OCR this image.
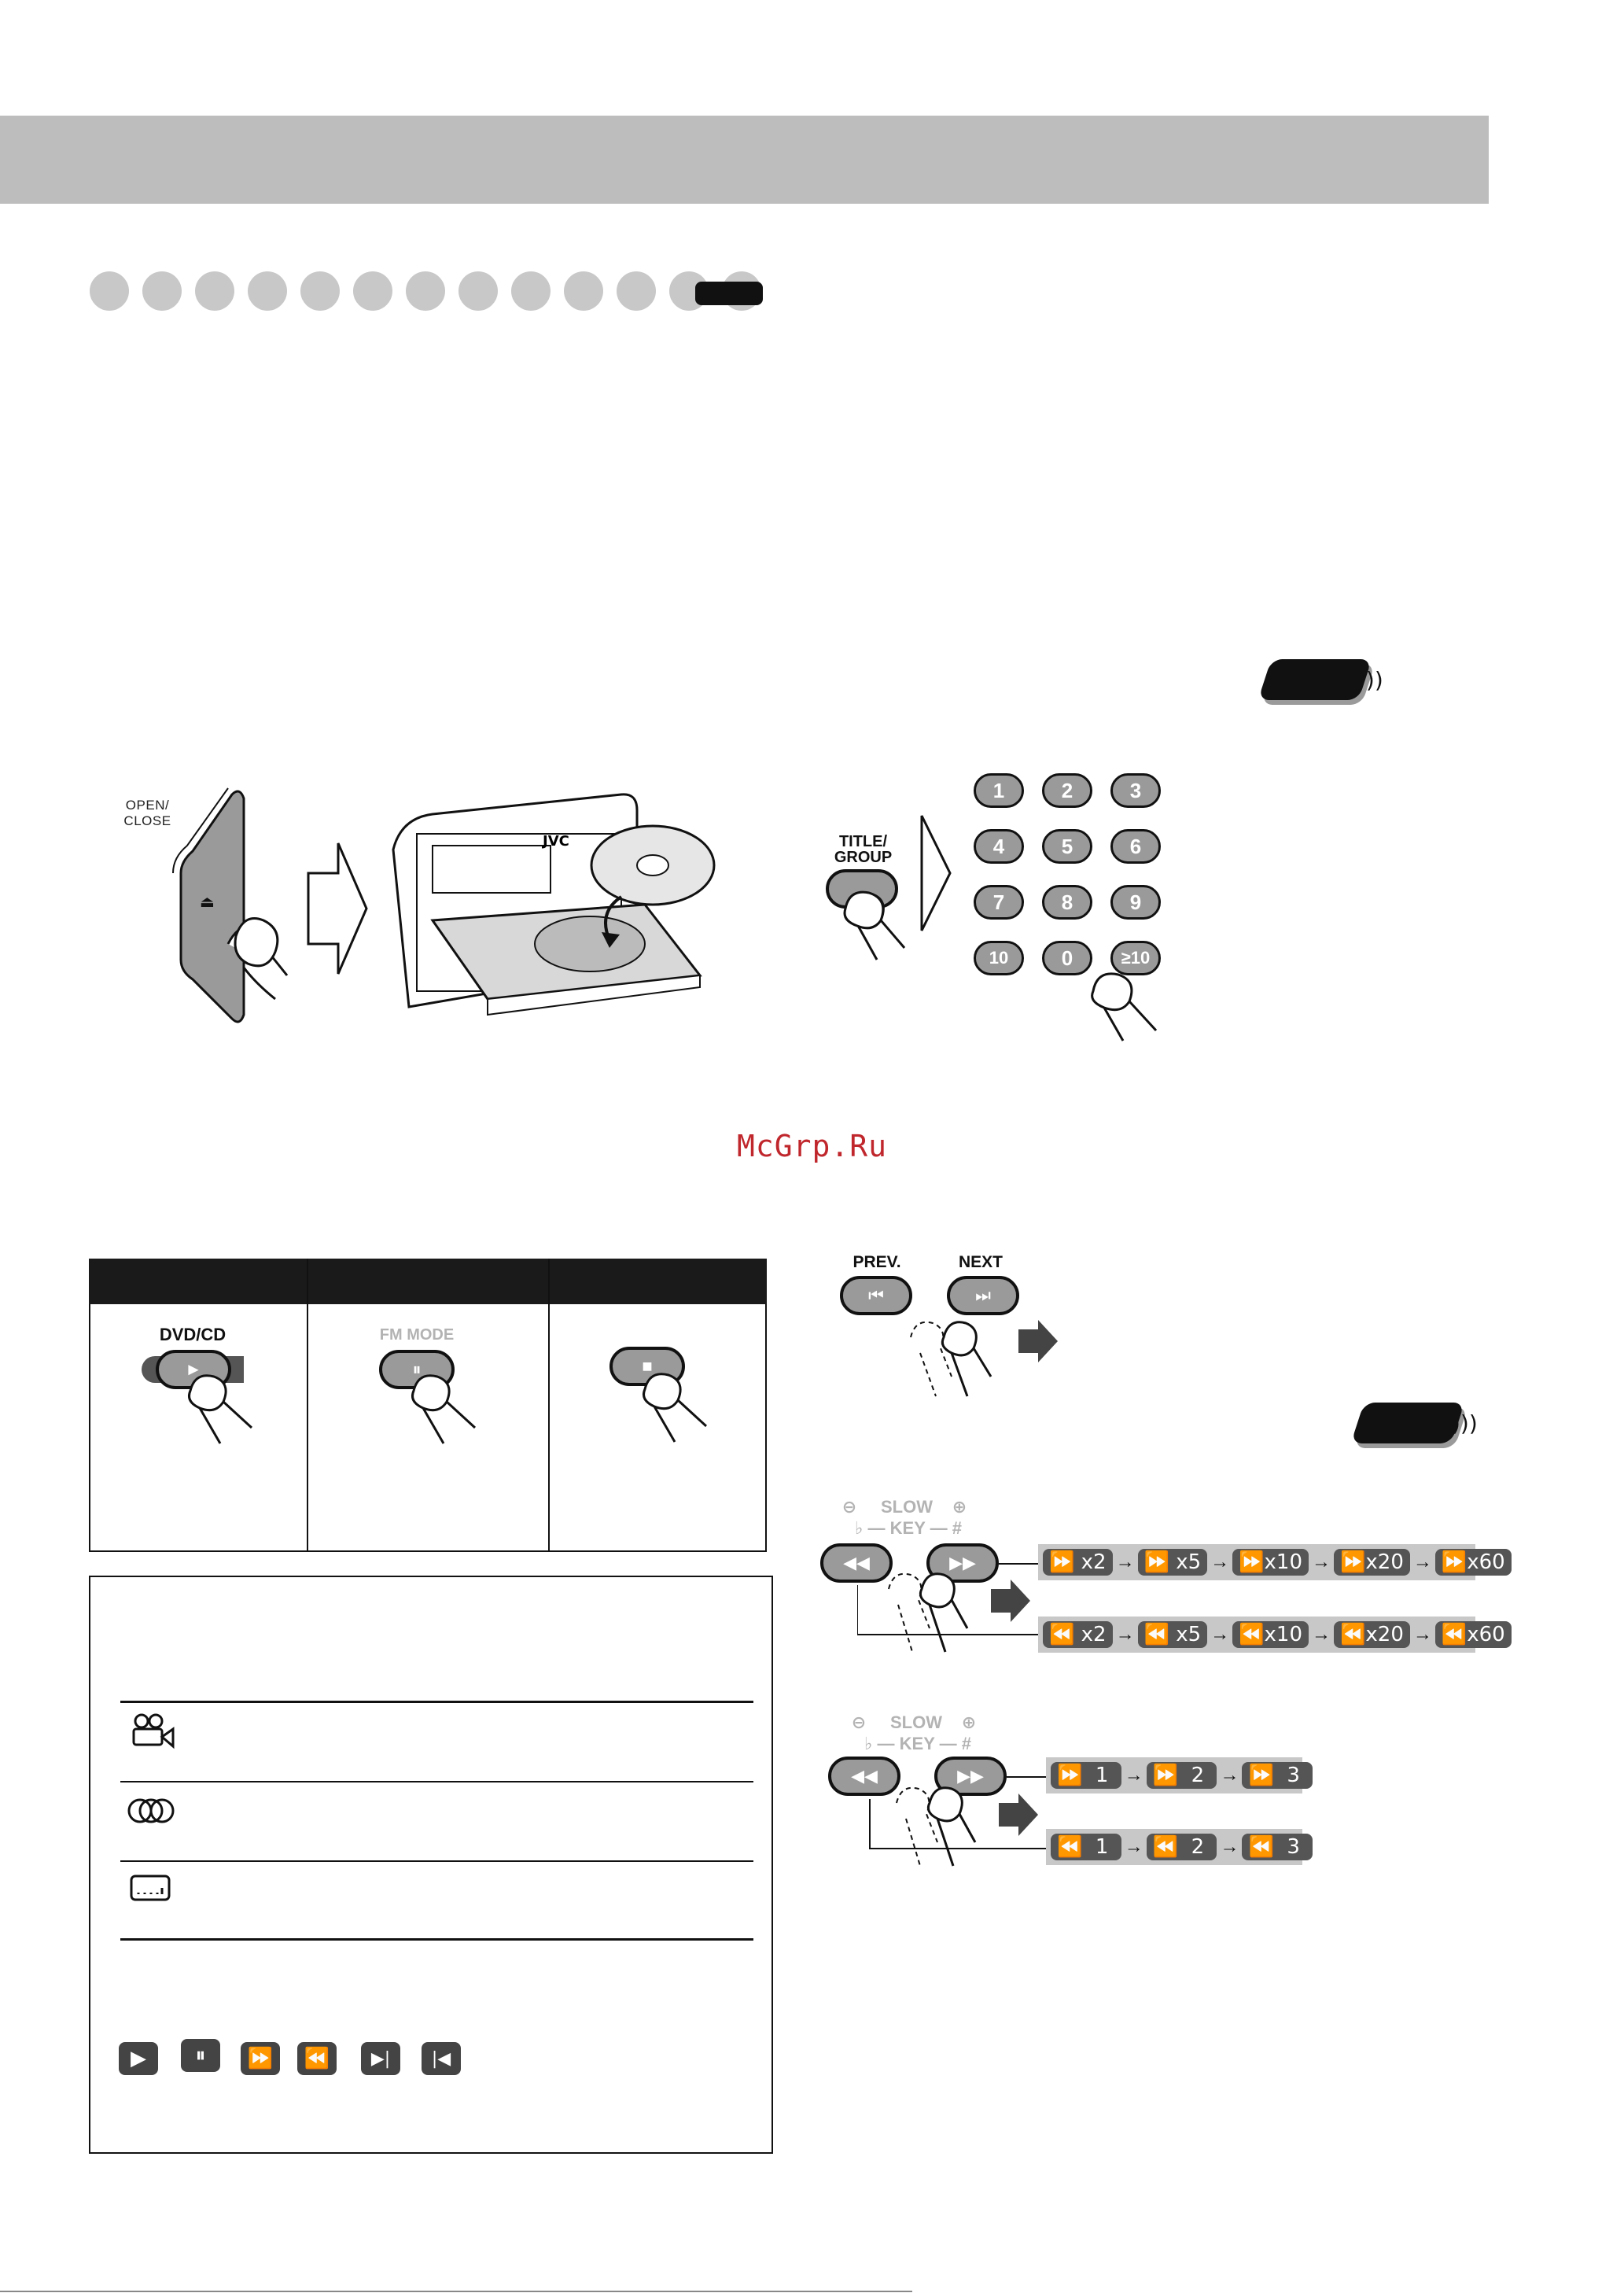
)))
OPEN/ CLOSE
⏏
JVC	TITLE/ GROUP
1	2	3
4	5	6
7	8	9
10	0	≥10
McGrp.Ru
DVD/CD
►
FM MODE
⏸	■
▶	⏸	⏩	⏪	▶|	|◀
PREV.	NEXT
⏮	⏭
)))
⊖ SLOW ⊕
♭ — KEY — #
◀◀	▶▶	⏩ x2 → ⏩ x5 → ⏩ x10 → ⏩ x20 → ⏩ x60
⏪ x2 → ⏪ x5 → ⏪ x10 → ⏪ x20 → ⏪ x60
⊖ SLOW ⊕
♭ — KEY — #
◀◀	▶▶	⏩ 1
→ ⏩ 2
→ ⏩ 3

⏪ 1
→ ⏪ 2
→ ⏪ 3
